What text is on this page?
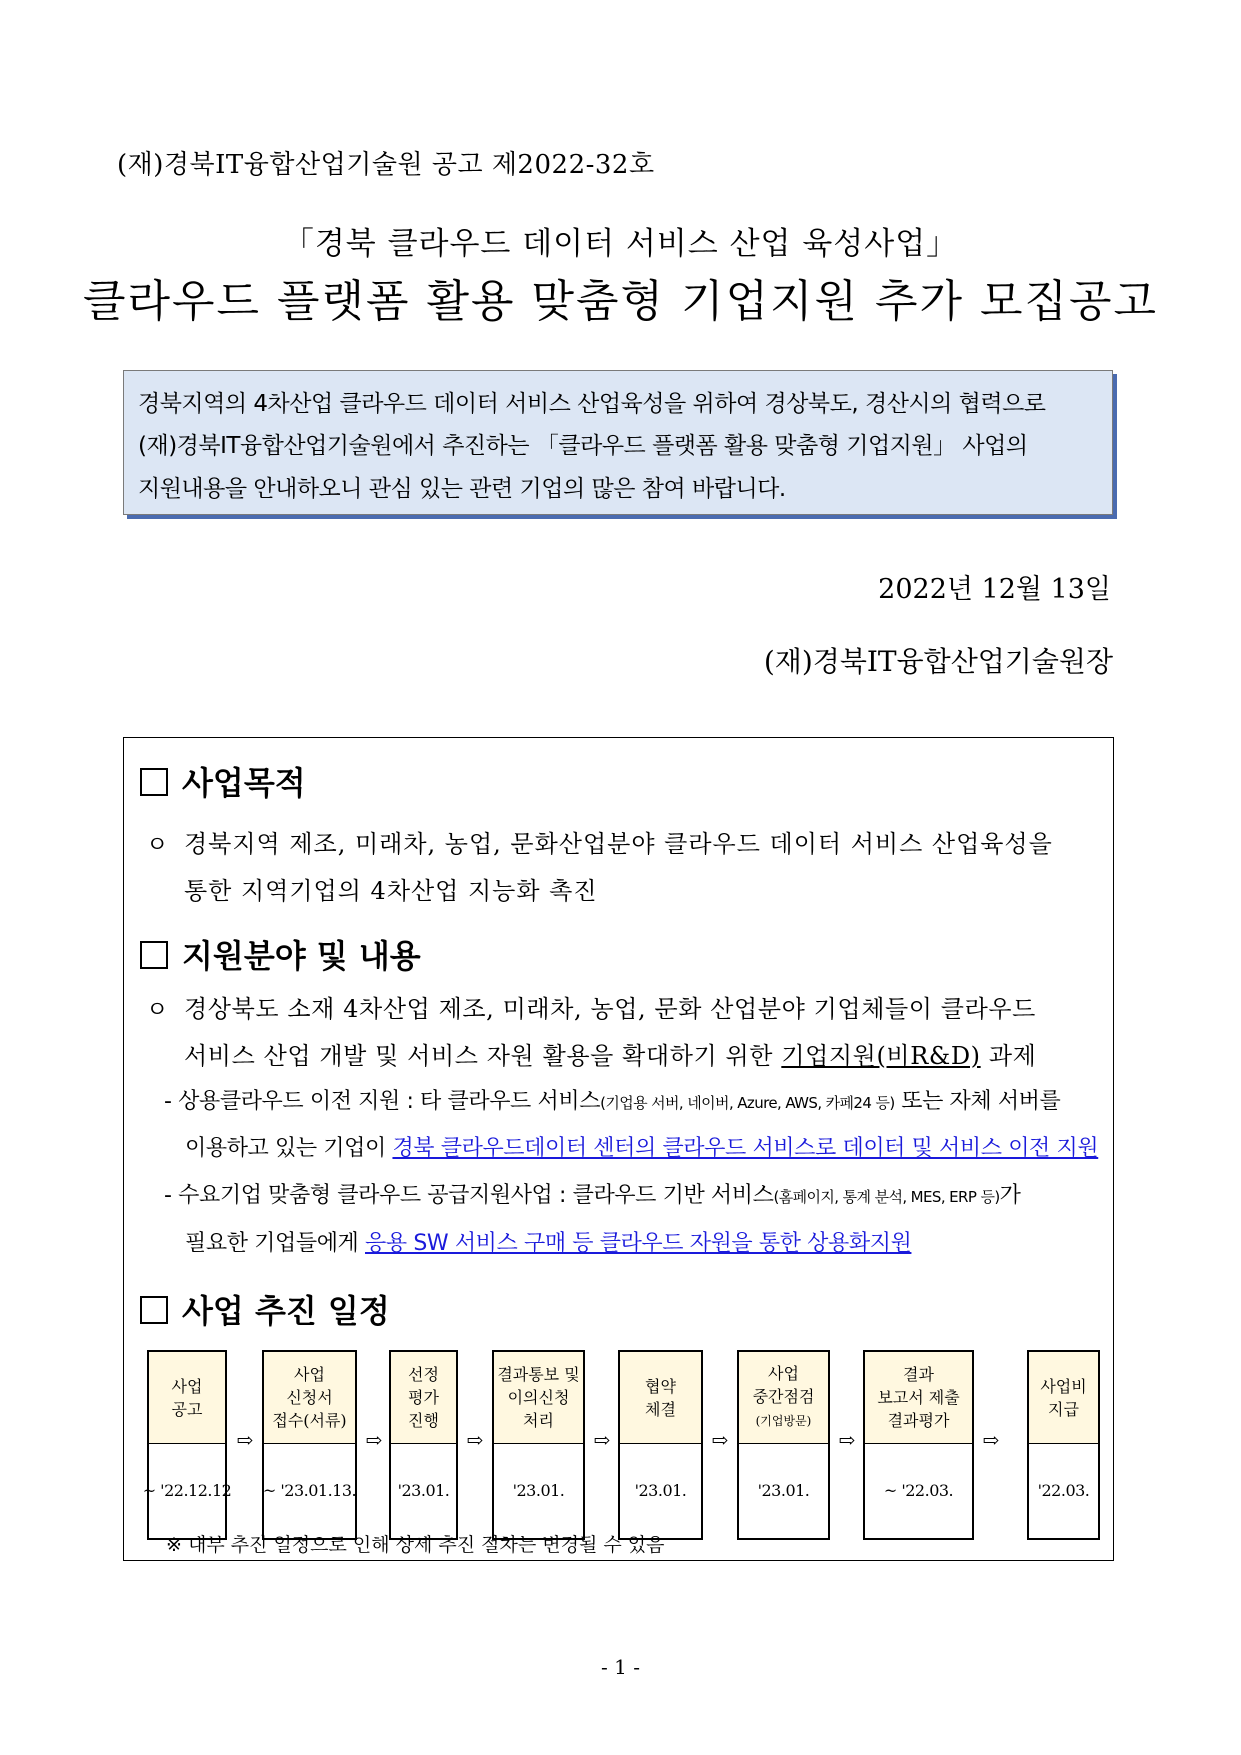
(재)경북IT융합산업기술원 공고 제2022-32호
「경북 클라우드 데이터 서비스 산업 육성사업」
클라우드 플랫폼 활용 맞춤형 기업지원 추가 모집공고
경북지역의 4차산업 클라우드 데이터 서비스 산업육성을 위하여 경상북도, 경산시의 협력으로
(재)경북IT융합산업기술원에서 추진하는 「클라우드 플랫폼 활용 맞춤형 기업지원」 사업의
지원내용을 안내하오니 관심 있는 관련 기업의 많은 참여 바랍니다.
2022년 12월 13일
(재)경북IT융합산업기술원장
사업목적
ㅇ 경북지역 제조, 미래차, 농업, 문화산업분야 클라우드 데이터 서비스 산업육성을
통한 지역기업의 4차산업 지능화 촉진
지원분야 및 내용
ㅇ 경상북도 소재 4차산업 제조, 미래차, 농업, 문화 산업분야 기업체들이 클라우드
서비스 산업 개발 및 서비스 자원 활용을 확대하기 위한 기업지원(비R&D) 과제
- 상용클라우드 이전 지원 : 타 클라우드 서비스(기업용 서버, 네이버, Azure, AWS, 카페24 등) 또는 자체 서버를
이용하고 있는 기업이 경북 클라우드데이터 센터의 클라우드 서비스로 데이터 및 서비스 이전 지원
- 수요기업 맞춤형 클라우드 공급지원사업 : 클라우드 기반 서비스(홈페이지, 통계 분석, MES, ERP 등)가
필요한 기업들에게 응용 SW 서비스 구매 등 클라우드 자원을 통한 상용화지원
사업 추진 일정
사업
공고
~ '22.12.12
⇨
사업
신청서
접수(서류)
~ '23.01.13.
⇨
선정
평가
진행
'23.01.
⇨
결과통보 및
이의신청
처리
'23.01.
⇨
협약
체결
'23.01.
⇨
사업
중간점검
(기업방문)
'23.01.
⇨
결과
보고서 제출
결과평가
~ '22.03.
⇨
사업비
지급
'22.03.
※ 내부 추진 일정으로 인해 상세 추진 절차는 변경될 수 있음
- 1 -
